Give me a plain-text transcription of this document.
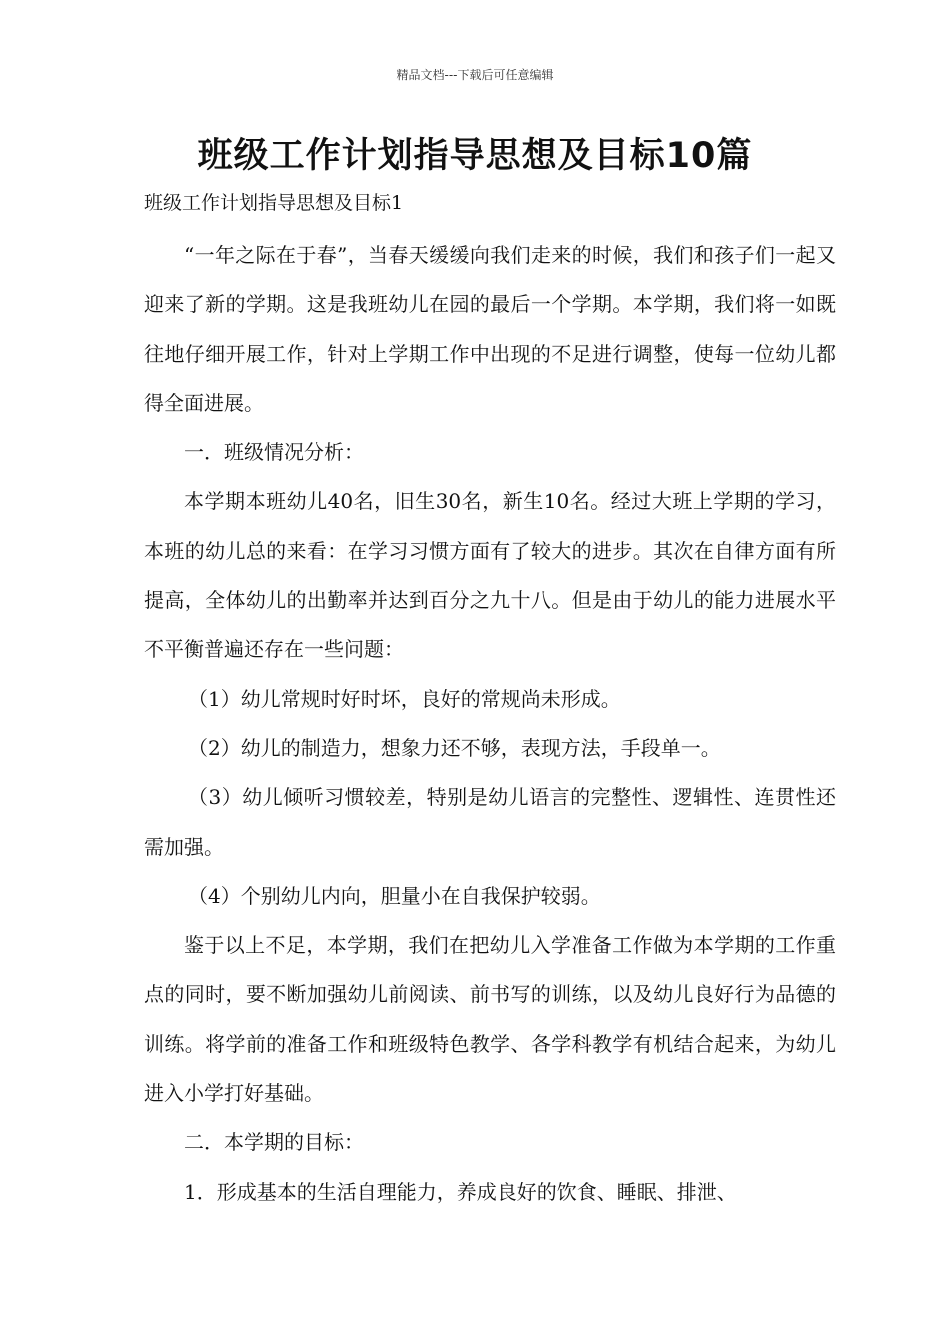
精品文档---下载后可任意编辑
班级工作计划指导思想及目标10篇

班级工作计划指导思想及目标1

“一年之际在于春”，当春天缓缓向我们走来的时候，我们和孩子们一起又迎来了新的学期。这是我班幼儿在园的最后一个学期。本学期，我们将一如既往地仔细开展工作，针对上学期工作中出现的不足进行调整，使每一位幼儿都得全面进展。

一．班级情况分析：

本学期本班幼儿40名，旧生30名，新生10名。经过大班上学期的学习，本班的幼儿总的来看：在学习习惯方面有了较大的进步。其次在自律方面有所提高，全体幼儿的出勤率并达到百分之九十八。但是由于幼儿的能力进展水平不平衡普遍还存在一些问题：

（1）幼儿常规时好时坏，良好的常规尚未形成。

（2）幼儿的制造力，想象力还不够，表现方法，手段单一。

（3）幼儿倾听习惯较差，特别是幼儿语言的完整性、逻辑性、连贯性还需加强。

（4）个别幼儿内向，胆量小在自我保护较弱。

鉴于以上不足，本学期，我们在把幼儿入学准备工作做为本学期的工作重点的同时，要不断加强幼儿前阅读、前书写的训练，以及幼儿良好行为品德的训练。将学前的准备工作和班级特色教学、各学科教学有机结合起来，为幼儿进入小学打好基础。

二．本学期的目标：

1．形成基本的生活自理能力，养成良好的饮食、睡眠、排泄、
